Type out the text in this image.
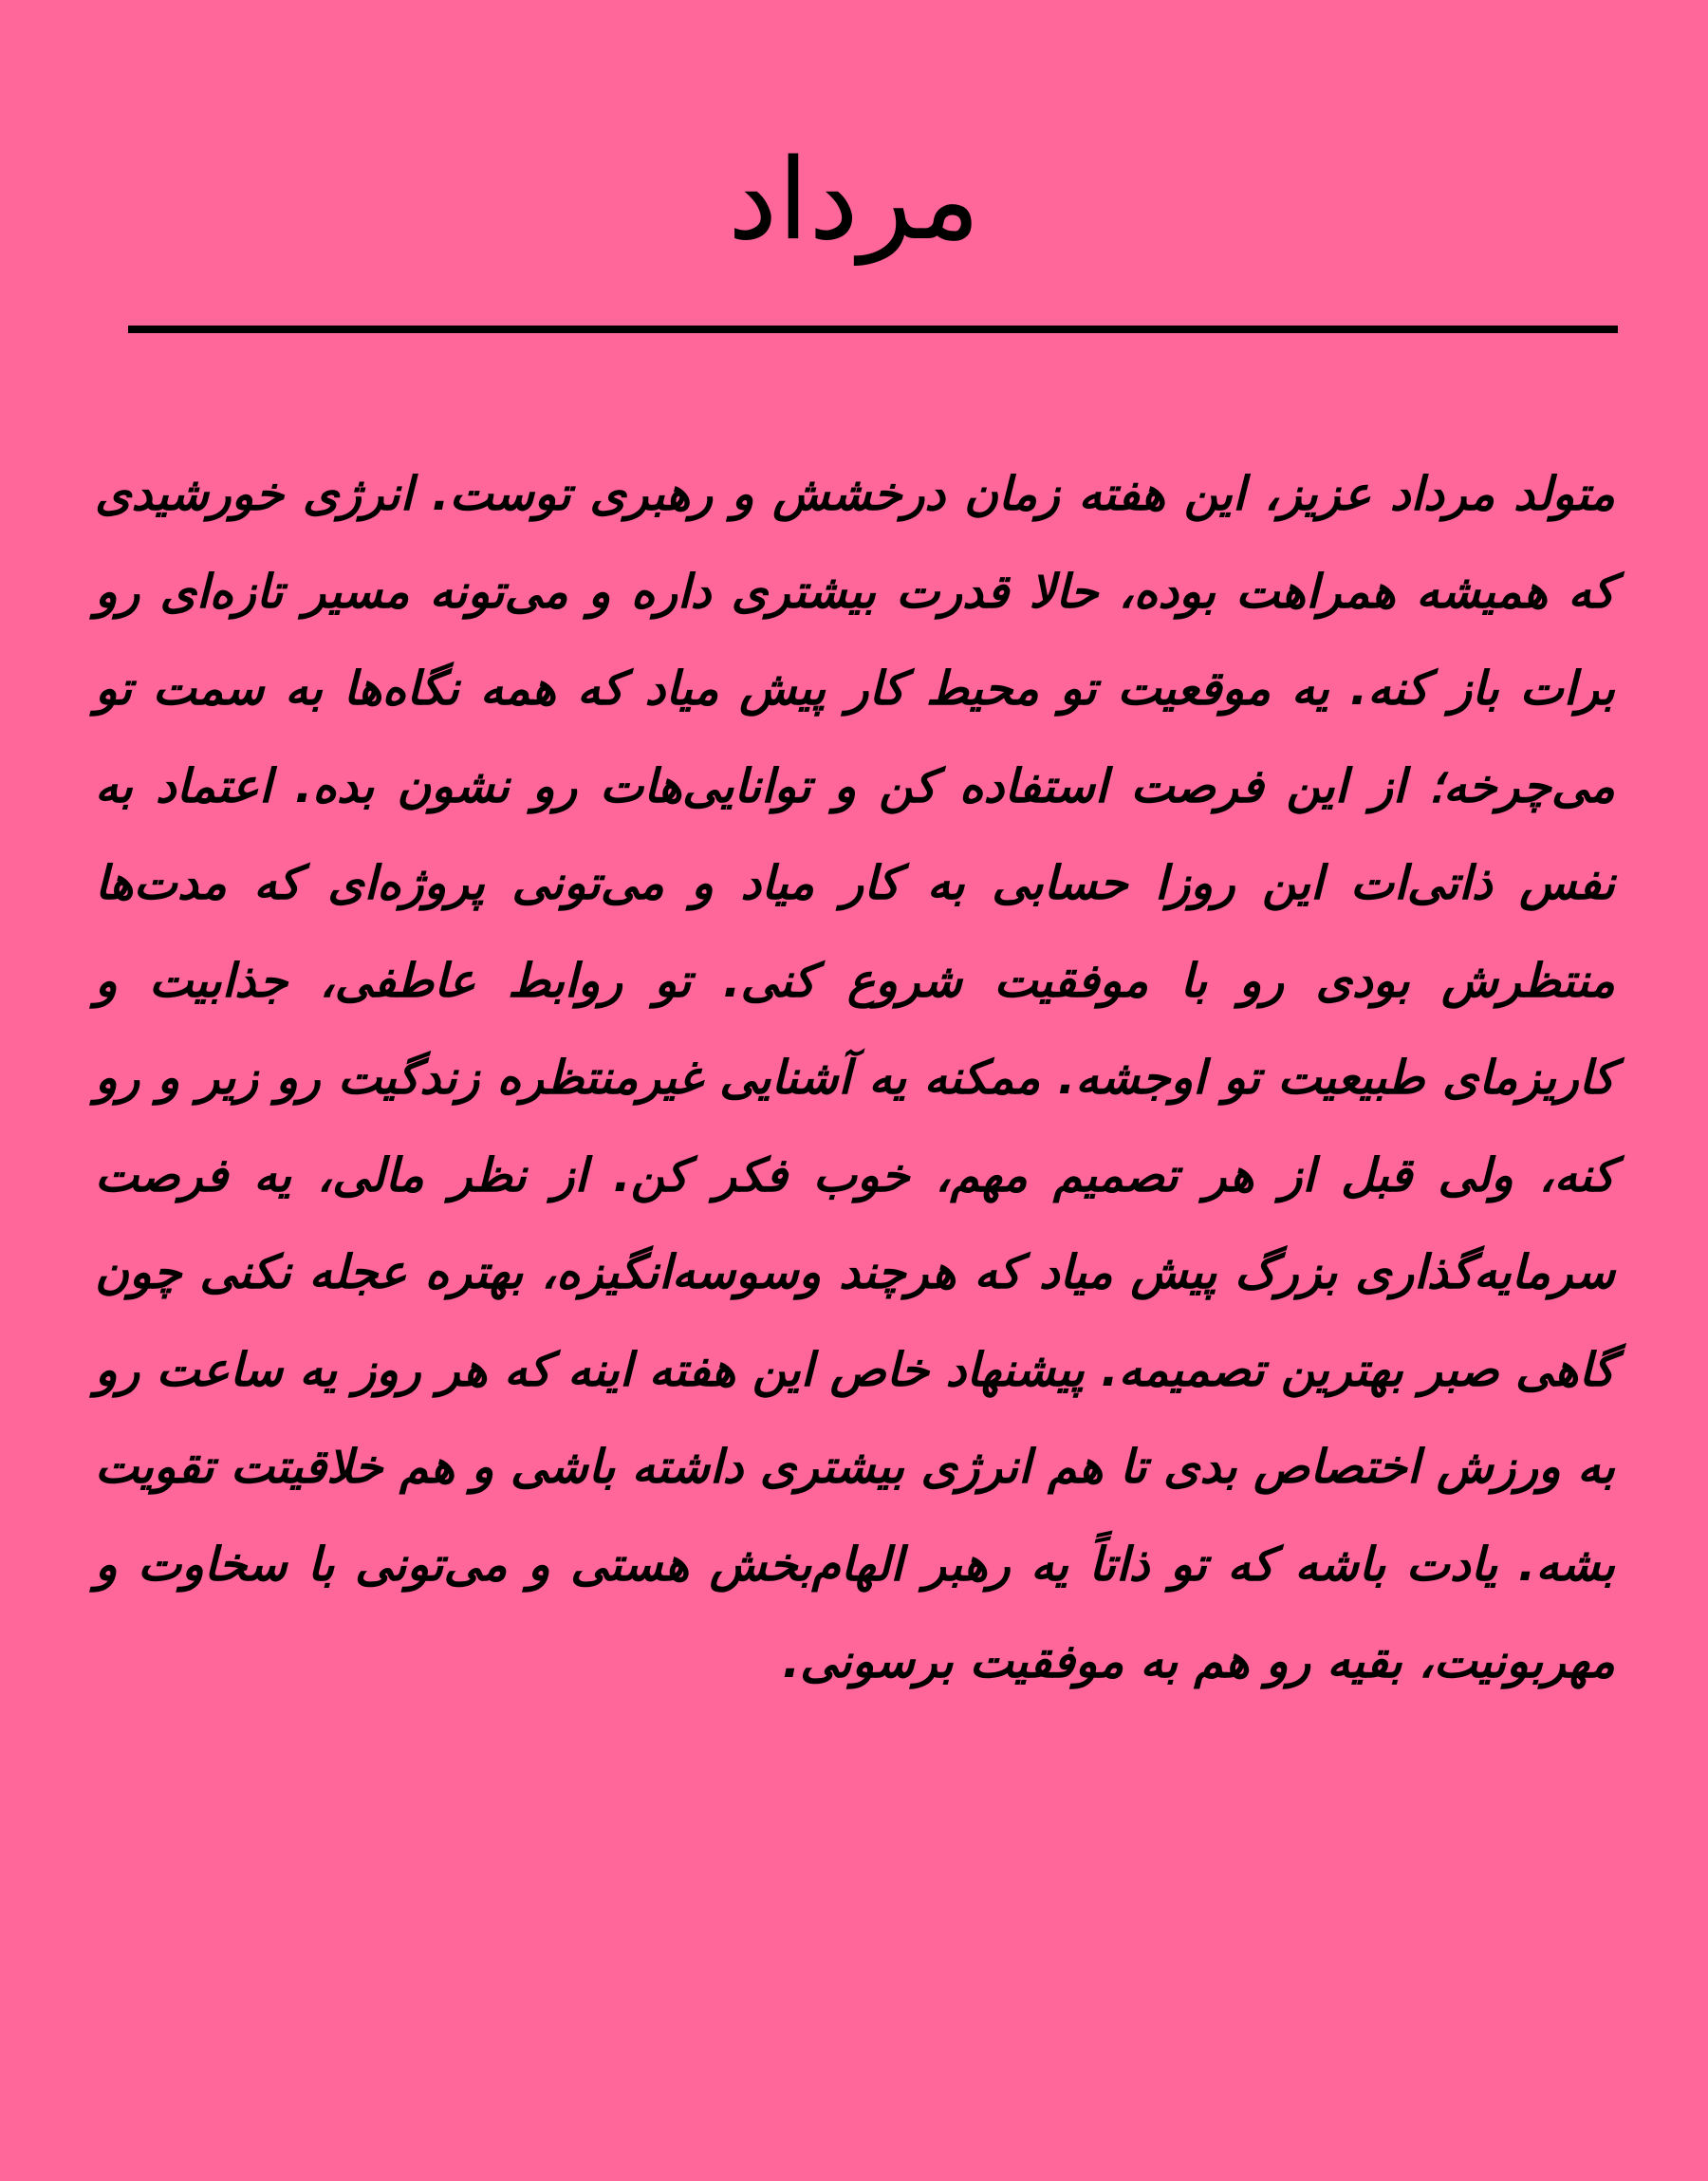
مرداد

متولد مرداد عزیز، این هفته زمان درخشش و رهبری توست. انرژی خورشیدی که همیشه همراهت بوده، حالا قدرت بیشتری داره و می‌تونه مسیر تازه‌ای رو برات باز کنه. یه موقعیت تو محیط کار پیش میاد که همه نگاه‌ها به سمت تو می‌چرخه؛ از این فرصت استفاده کن و توانایی‌هات رو نشون بده. اعتماد به نفس ذاتی‌ات این روزا حسابی به کار میاد و می‌تونی پروژه‌ای که مدت‌ها منتظرش بودی رو با موفقیت شروع کنی. تو روابط عاطفی، جذابیت و کاریزمای طبیعیت تو اوجشه. ممکنه یه آشنایی غیرمنتظره زندگیت رو زیر و رو کنه، ولی قبل از هر تصمیم مهم، خوب فکر کن. از نظر مالی، یه فرصت سرمایه‌گذاری بزرگ پیش میاد که هرچند وسوسه‌انگیزه، بهتره عجله نکنی چون گاهی صبر بهترین تصمیمه. پیشنهاد خاص این هفته اینه که هر روز یه ساعت رو به ورزش اختصاص بدی تا هم انرژی بیشتری داشته باشی و هم خلاقیتت تقویت بشه. یادت باشه که تو ذاتاً یه رهبر الهام‌بخش هستی و می‌تونی با سخاوت و مهربونیت، بقیه رو هم به موفقیت برسونی.
